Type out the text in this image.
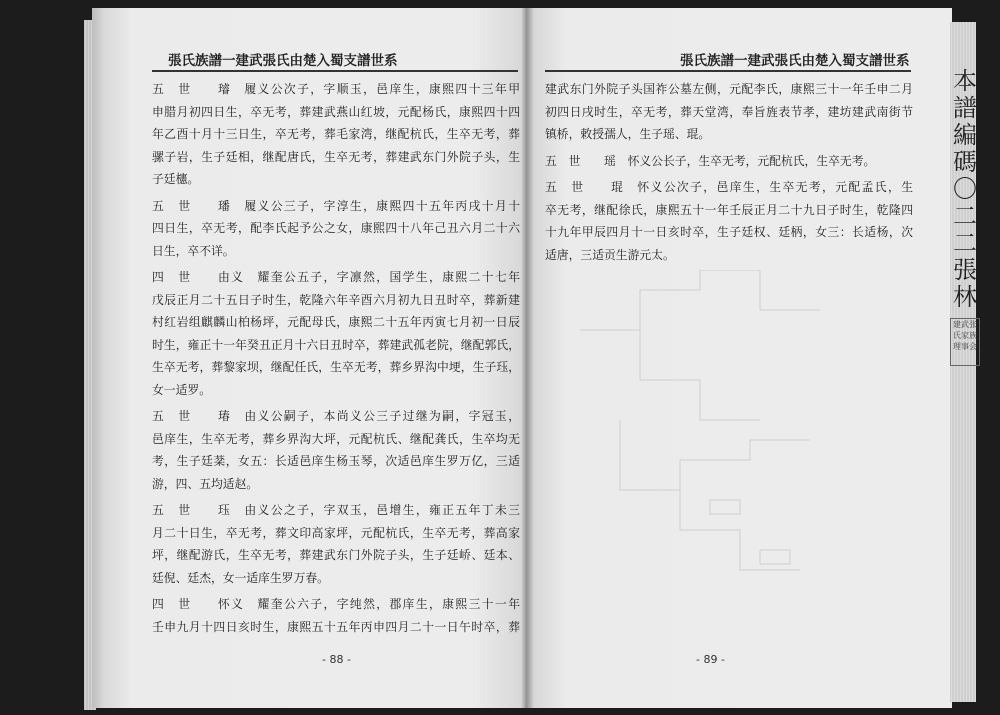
張氏族譜一建武張氏由楚入蜀支譜世系	張氏族譜一建武張氏由楚入蜀支譜世系
五　世　　璿　履义公次子，字顺玉，邑庠生，康熙四十三年甲
申腊月初四日生，卒无考，葬建武燕山红坡，元配杨氏，康熙四十四
年乙酉十月十三日生，卒无考，葬毛家湾，继配杭氏，生卒无考，葬
骡子岩，生子廷相，继配唐氏，生卒无考，葬建武东门外院子头，生
子廷櫶。
五　世　　璠　履义公三子，字淳生，康熙四十五年丙戌十月十
四日生，卒无考，配李氏起予公之女，康熙四十八年己丑六月二十六
日生，卒不详。
四　世　　由义　耀奎公五子，字凛然，国学生，康熙二十七年
戊辰正月二十五日子时生，乾隆六年辛酉六月初九日丑时卒，葬新建
村红岩组麒麟山柏杨坪，元配母氏，康熙二十五年丙寅七月初一日辰
时生，雍正十一年癸丑正月十六日丑时卒，葬建武孤老院，继配郭氏，
生卒无考，葬黎家坝，继配任氏，生卒无考，葬乡界沟中埂，生子珏，
女一适罗。
五　世　　瑃　由义公嗣子，本尚义公三子过继为嗣，字冠玉，
邑庠生，生卒无考，葬乡界沟大坪，元配杭氏、继配龚氏，生卒均无
考，生子廷棻，女五：长适邑庠生杨玉琴，次适邑庠生罗万亿，三适
游，四、五均适赵。
五　世　　珏　由义公之子，字双玉，邑增生，雍正五年丁未三
月二十日生，卒无考，葬文印高家坪，元配杭氏，生卒无考，葬高家
坪，继配游氏，生卒无考，葬建武东门外院子头，生子廷峤、廷本、
廷倪、廷杰，女一适庠生罗万春。
四　世　　怀义　耀奎公六子，字纯然，郡庠生，康熙三十一年
壬申九月十四日亥时生，康熙五十五年丙申四月二十一日午时卒，葬
建武东门外院子头国祚公墓左侧，元配李氏，康熙三十一年壬申二月
初四日戌时生，卒无考，葬天堂湾，奉旨旌表节孝，建坊建武南街节
镇桥，敕授孺人，生子瑶、琨。
五　世　　瑶　怀义公长子，生卒无考，元配杭氏，生卒无考。
五　世　　琨　怀义公次子，邑庠生，生卒无考，元配孟氏，生
卒无考，继配徐氏，康熙五十一年壬辰正月二十九日子时生，乾隆四
十九年甲辰四月十一日亥时卒，生子廷权、廷柄，女三：长适杨，次
适唐，三适贡生游元太。
- 88 -	- 89 -
本譜編碼〇二二張林
建武张氏家族理事会
